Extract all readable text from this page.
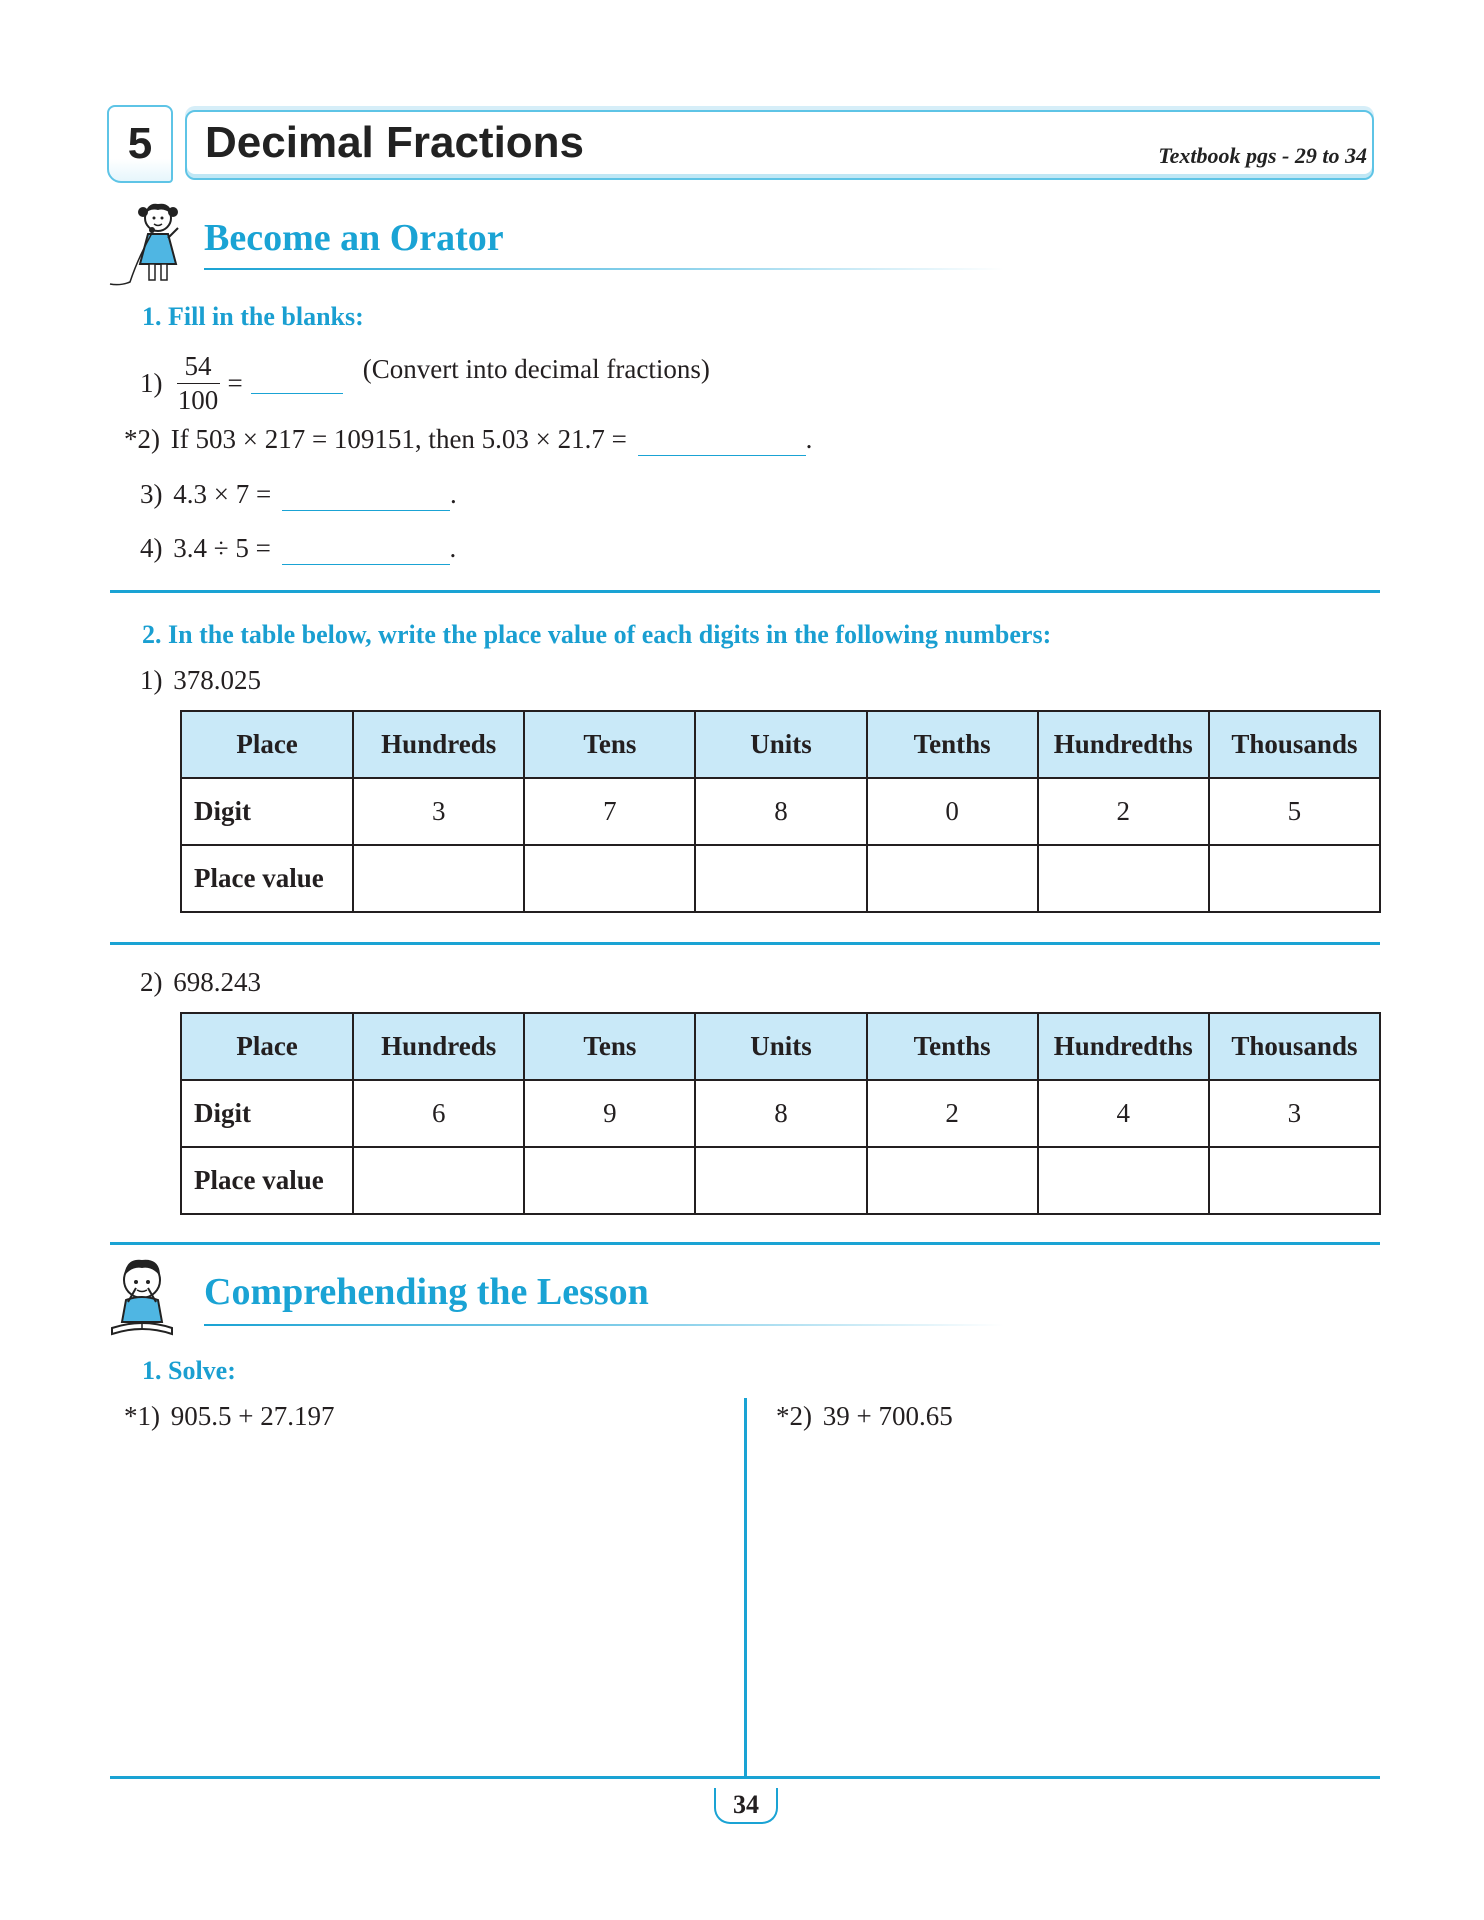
5	Decimal Fractions	Textbook pgs - 29 to 34
Become an Orator
1. Fill in the blanks:
$1) \frac{54}{100}$ =	(Convert into decimal fractions)
*2) If 503 × 217 = 109151, then 5.03 × 21.7 =	.
3) 4.3 × 7 =	.
4) 3.4 ÷ 5 =	.
2. In the table below, write the place value of each digits in the following numbers:
1) 378.025
Place	Hundreds	Tens	Units	Tenths	Hundredths	Thousands
Digit	3	7	8	0	2	5
Place value						
2) 698.243
Place	Hundreds	Tens	Units	Tenths	Hundredths	Thousands
Digit	6	9	8	2	4	3
Place value						
Comprehending the Lesson
1. Solve:
*1) 905.5 + 27.197	*2) 39 + 700.65
34
